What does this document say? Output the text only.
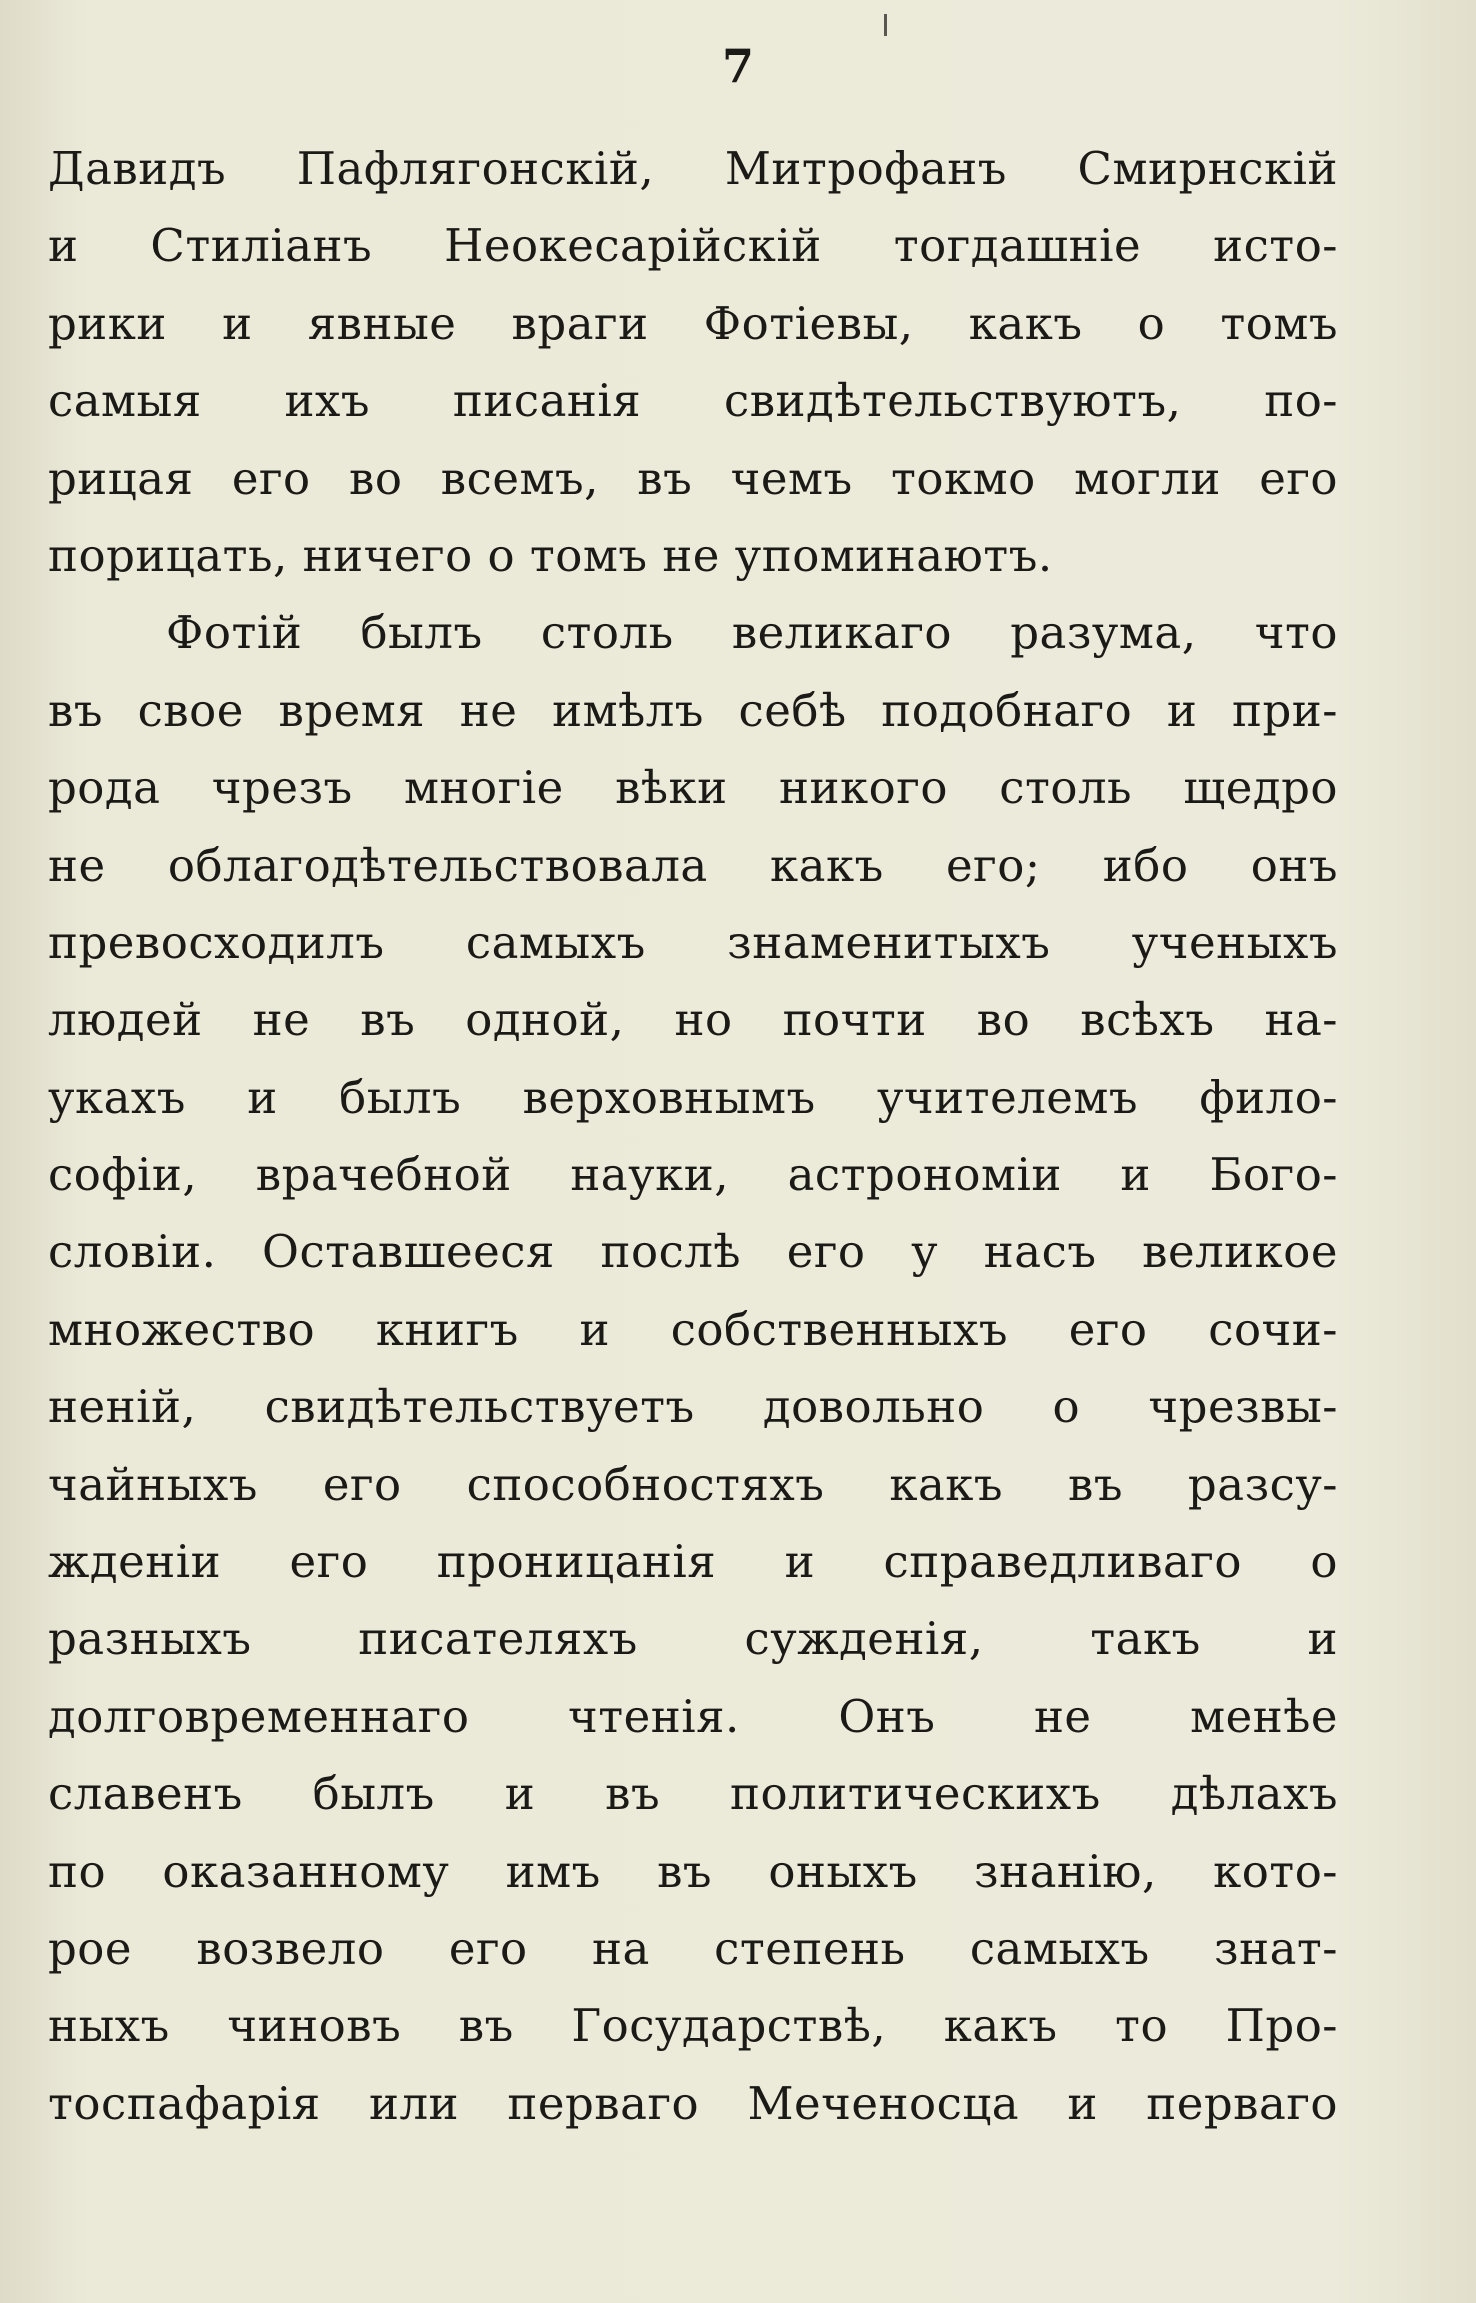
7
Давидъ Пафлягонскій, Митрофанъ Смирнскій
и Стиліанъ Неокесарійскій тогдашніе исто-
рики и явные враги Фотіевы, какъ о томъ
самыя ихъ писанія свидѣтельствуютъ, по-
рицая его во всемъ, въ чемъ токмо могли его
порицать, ничего о томъ не упоминаютъ.
Фотій былъ столь великаго разума, что
въ свое время не имѣлъ себѣ подобнаго и при-
рода чрезъ многіе вѣки никого столь щедро
не облагодѣтельствовала какъ его; ибо онъ
превосходилъ самыхъ знаменитыхъ ученыхъ
людей не въ одной, но почти во всѣхъ на-
укахъ и былъ верховнымъ учителемъ фило-
софіи, врачебной науки, астрономіи и Бого-
словіи. Оставшееся послѣ его у насъ великое
множество книгъ и собственныхъ его сочи-
неній, свидѣтельствуетъ довольно о чрезвы-
чайныхъ его способностяхъ какъ въ разсу-
жденіи его проницанія и справедливаго о
разныхъ писателяхъ сужденія, такъ и
долговременнаго чтенія. Онъ не менѣе
славенъ былъ и въ политическихъ дѣлахъ
по оказанному имъ въ оныхъ знанію, кото-
рое возвело его на степень самыхъ знат-
ныхъ чиновъ въ Государствѣ, какъ то Про-
тоспафарія или перваго Меченосца и перваго
